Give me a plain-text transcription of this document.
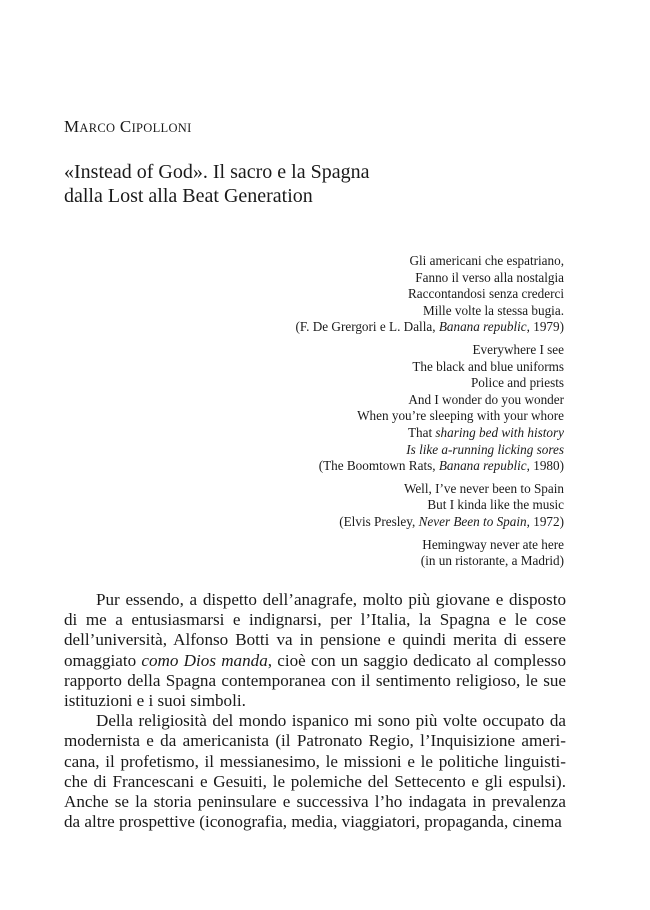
MARCO CIPOLLONI
«Instead of God». Il sacro e la Spagna
dalla Lost alla Beat Generation
Gli americani che espatriano,
Fanno il verso alla nostalgia
Raccontandosi senza crederci
Mille volte la stessa bugia.
(F. De Grergori e L. Dalla, Banana republic, 1979)
Everywhere I see
The black and blue uniforms
Police and priests
And I wonder do you wonder
When you’re sleeping with your whore
That sharing bed with history
Is like a-running licking sores
(The Boomtown Rats, Banana republic, 1980)
Well, I’ve never been to Spain
But I kinda like the music
(Elvis Presley, Never Been to Spain, 1972)
Hemingway never ate here
(in un ristorante, a Madrid)

Pur essendo, a dispetto dell’anagrafe, molto più giovane e disposto di me a entusiasmarsi e indignarsi, per l’Italia, la Spagna e le cose dell’università, Alfonso Botti va in pensione e quindi merita di essere omaggiato como Dios manda, cioè con un saggio dedicato al complesso rapporto della Spagna contemporanea con il sentimento religioso, le sue istituzioni e i suoi simboli.

Della religiosità del mondo ispanico mi sono più volte occupato da modernista e da americanista (il Patronato Regio, l’Inquisizione americana, il profetismo, il messianesimo, le missioni e le politiche linguistiche di Francescani e Gesuiti, le polemiche del Settecento e gli espulsi). Anche se la storia peninsulare e successiva l’ho indagata in prevalenza da altre prospettive (iconografia, media, viaggiatori, propaganda, cinema
